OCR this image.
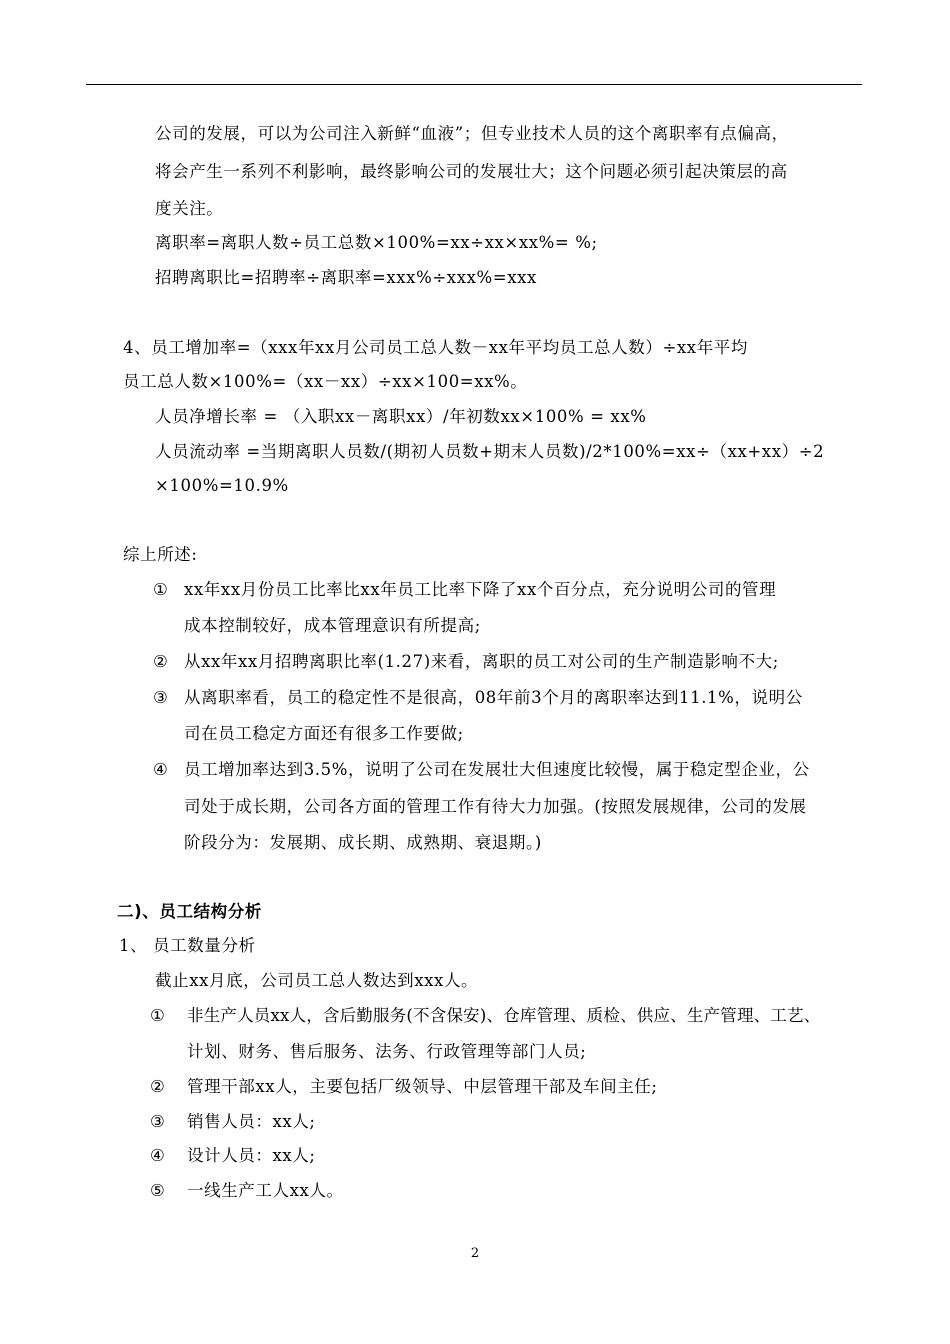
公司的发展，可以为公司注入新鲜“血液”；但专业技术人员的这个离职率有点偏高，
将会产生一系列不利影响，最终影响公司的发展壮大；这个问题必须引起决策层的高
度关注。
离职率=离职人数÷员工总数×100%=xx÷xx×xx%= %;
招聘离职比=招聘率÷离职率=xxx%÷xxx%=xxx
4、员工增加率=（xxx年xx月公司员工总人数－xx年平均员工总人数）÷xx年平均
员工总人数×100%=（xx－xx）÷xx×100=xx%。
人员净增长率 = （入职xx－离职xx）/年初数xx×100% = xx%
人员流动率 =当期离职人员数/(期初人员数+期末人员数)/2*100%=xx÷（xx+xx）÷2
×100%=10.9%
综上所述:
① xx年xx月份员工比率比xx年员工比率下降了xx个百分点，充分说明公司的管理
成本控制较好，成本管理意识有所提高;
② 从xx年xx月招聘离职比率(1.27)来看，离职的员工对公司的生产制造影响不大;
③ 从离职率看，员工的稳定性不是很高，08年前3个月的离职率达到11.1%，说明公
司在员工稳定方面还有很多工作要做;
④ 员工增加率达到3.5%，说明了公司在发展壮大但速度比较慢，属于稳定型企业，公
司处于成长期，公司各方面的管理工作有待大力加强。(按照发展规律，公司的发展
阶段分为：发展期、成长期、成熟期、衰退期。)
二)、员工结构分析
1、 员工数量分析
截止xx月底，公司员工总人数达到xxx人。
① 非生产人员xx人，含后勤服务(不含保安)、仓库管理、质检、供应、生产管理、工艺、
计划、财务、售后服务、法务、行政管理等部门人员;
② 管理干部xx人，主要包括厂级领导、中层管理干部及车间主任;
③ 销售人员：xx人;
④ 设计人员：xx人;
⑤ 一线生产工人xx人。
2
